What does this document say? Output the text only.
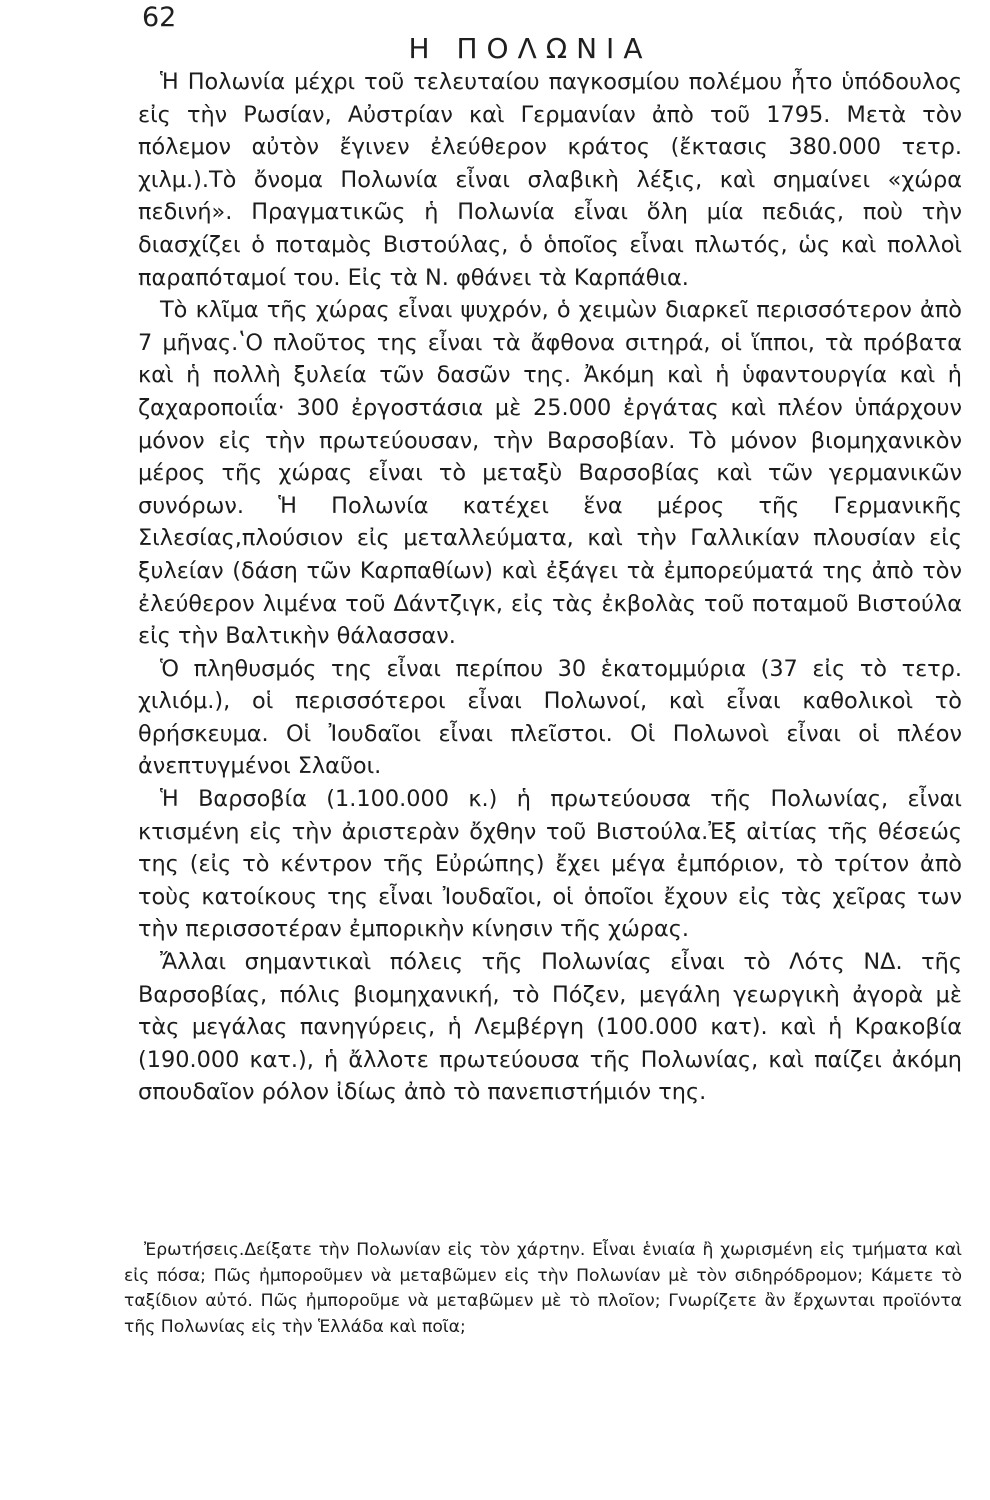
62
Η ΠΟΛΩΝΙΑ

Ἡ Πολωνία μέχρι τοῦ τελευταίου παγκοσμίου πολέμου ἦτο ὑπόδουλος εἰς τὴν Ρωσίαν, Αὐστρίαν καὶ Γερμανίαν ἀπὸ τοῦ 1795. Μετὰ τὸν πόλεμον αὐτὸν ἔγινεν ἐλεύθερον κράτος (ἔκτασις 380.000 τετρ. χιλμ.).Τὸ ὄνομα Πολωνία εἶναι σλαβικὴ λέξις, καὶ σημαίνει «χώρα πεδινή». Πραγματικῶς ἡ Πολωνία εἶναι ὅλη μία πεδιάς, ποὺ τὴν διασχίζει ὁ ποταμὸς Βιστούλας, ὁ ὁποῖος εἶναι πλωτός, ὡς καὶ πολλοὶ παραπόταμοί του. Εἰς τὰ Ν. φθάνει τὰ Καρπάθια.

Τὸ κλῖμα τῆς χώρας εἶναι ψυχρόν, ὁ χειμὼν διαρκεῖ περισσότερον ἀπὸ 7 μῆνας.ʽΟ πλοῦτος της εἶναι τὰ ἄφθονα σιτηρά, οἱ ἵπποι, τὰ πρόβατα καὶ ἡ πολλὴ ξυλεία τῶν δασῶν της. Ἀκόμη καὶ ἡ ὑφαντουργία καὶ ἡ ζαχαροποιΐα· 300 ἐργοστάσια μὲ 25.000 ἐργάτας καὶ πλέον ὑπάρχουν μόνον εἰς τὴν πρωτεύουσαν, τὴν Βαρσοβίαν. Τὸ μόνον βιομηχανικὸν μέρος τῆς χώρας εἶναι τὸ μεταξὺ Βαρσοβίας καὶ τῶν γερμανικῶν συνόρων. Ἡ Πολωνία κατέχει ἕνα μέρος τῆς Γερμανικῆς Σιλεσίας,πλούσιον εἰς μεταλλεύματα, καὶ τὴν Γαλλικίαν πλουσίαν εἰς ξυλείαν (δάση τῶν Καρπαθίων) καὶ ἐξάγει τὰ ἐμπορεύματά της ἀπὸ τὸν ἐλεύθερον λιμένα τοῦ Δάντζιγκ, εἰς τὰς ἐκβολὰς τοῦ ποταμοῦ Βιστούλα εἰς τὴν Βαλτικὴν θάλασσαν.

Ὁ πληθυσμός της εἶναι περίπου 30 ἑκατομμύρια (37 εἰς τὸ τετρ. χιλιόμ.), οἱ περισσότεροι εἶναι Πολωνοί, καὶ εἶναι καθολικοὶ τὸ θρήσκευμα. Οἱ Ἰουδαῖοι εἶναι πλεῖστοι. Οἱ Πολωνοὶ εἶναι οἱ πλέον ἀνεπτυγμένοι Σλαῦοι.

Ἡ Βαρσοβία (1.100.000 κ.) ἡ πρωτεύουσα τῆς Πολωνίας, εἶναι κτισμένη εἰς τὴν ἀριστερὰν ὄχθην τοῦ Βιστούλα.Ἐξ αἰτίας τῆς θέσεώς της (εἰς τὸ κέντρον τῆς Εὐρώπης) ἔχει μέγα ἐμπόριον, τὸ τρίτον ἀπὸ τοὺς κατοίκους της εἶναι Ἰουδαῖοι, οἱ ὁποῖοι ἔχουν εἰς τὰς χεῖρας των τὴν περισσοτέραν ἐμπορικὴν κίνησιν τῆς χώρας.

Ἄλλαι σημαντικαὶ πόλεις τῆς Πολωνίας εἶναι τὸ Λότς ΝΔ. τῆς Βαρσοβίας, πόλις βιομηχανική, τὸ Πόζεν, μεγάλη γεωργικὴ ἀγορὰ μὲ τὰς μεγάλας πανηγύρεις, ἡ Λεμβέργη (100.000 κατ). καὶ ἡ Κρακοβία (190.000 κατ.), ἡ ἄλλοτε πρωτεύουσα τῆς Πολωνίας, καὶ παίζει ἀκόμη σπουδαῖον ρόλον ἰδίως ἀπὸ τὸ πανεπιστήμιόν της.

Ἐρωτήσεις.Δείξατε τὴν Πολωνίαν εἰς τὸν χάρτην. Εἶναι ἑνιαία ἢ χωρισμένη εἰς τμήματα καὶ εἰς πόσα; Πῶς ἠμποροῦμεν νὰ μεταβῶμεν εἰς τὴν Πολωνίαν μὲ τὸν σιδηρόδρομον; Κάμετε τὸ ταξίδιον αὐτό. Πῶς ἠμποροῦμε νὰ μεταβῶμεν μὲ τὸ πλοῖον; Γνωρίζετε ἂν ἔρχωνται προϊόντα τῆς Πολωνίας εἰς τὴν Ἑλλάδα καὶ ποῖα;
